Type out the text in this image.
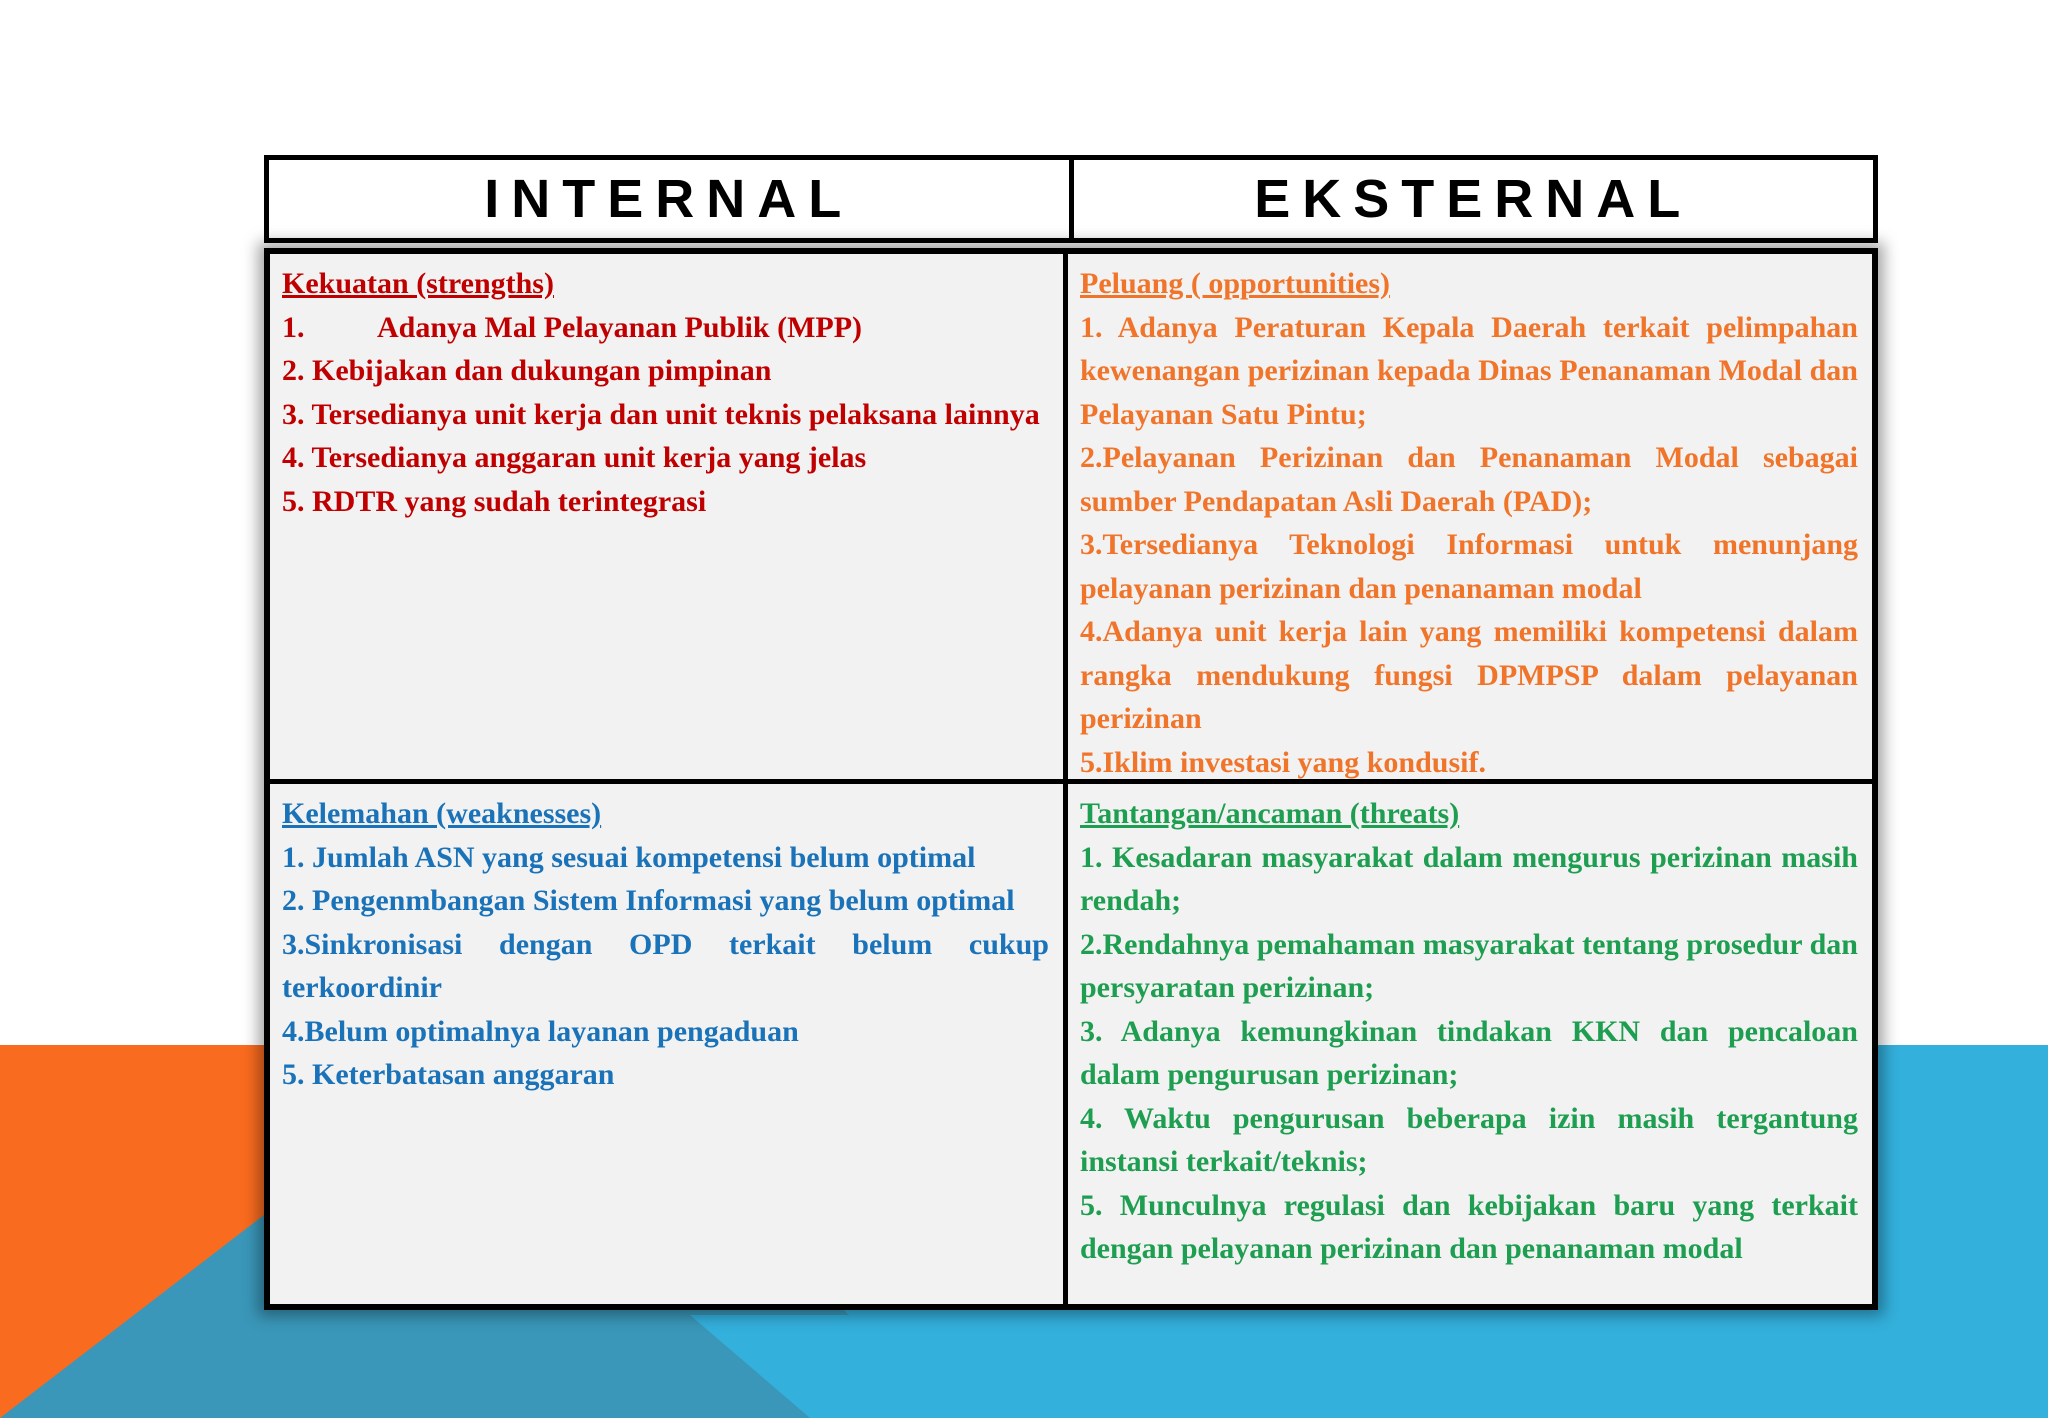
INTERNAL	EKSTERNAL

Kekuatan (strengths)

1. Adanya Mal Pelayanan Publik (MPP)

2. Kebijakan dan dukungan pimpinan

3. Tersedianya unit kerja dan unit teknis pelaksana lainnya

4. Tersedianya anggaran unit kerja yang jelas

5. RDTR yang sudah terintegrasi

Peluang ( opportunities)

1. Adanya Peraturan Kepala Daerah terkait pelimpahan kewenangan perizinan kepada Dinas Penanaman Modal dan Pelayanan Satu Pintu;

2.Pelayanan Perizinan dan Penanaman Modal sebagai sumber Pendapatan Asli Daerah (PAD);

3.Tersedianya Teknologi Informasi untuk menunjang pelayanan perizinan dan penanaman modal

4.Adanya unit kerja lain yang memiliki kompetensi dalam rangka mendukung fungsi DPMPSP dalam pelayanan perizinan

5.Iklim investasi yang kondusif.

Kelemahan (weaknesses)

1. Jumlah ASN yang sesuai kompetensi belum optimal

2. Pengenmbangan Sistem Informasi yang belum optimal

3.Sinkronisasi dengan OPD terkait belum cukup terkoordinir

4.Belum optimalnya layanan pengaduan

5. Keterbatasan anggaran

Tantangan/ancaman (threats)

1. Kesadaran masyarakat dalam mengurus perizinan masih rendah;

2.Rendahnya pemahaman masyarakat tentang prosedur dan persyaratan perizinan;

3. Adanya kemungkinan tindakan KKN dan pencaloan dalam pengurusan perizinan;

4. Waktu pengurusan beberapa izin masih tergantung instansi terkait/teknis;

5. Munculnya regulasi dan kebijakan baru yang terkait dengan pelayanan perizinan dan penanaman modal
